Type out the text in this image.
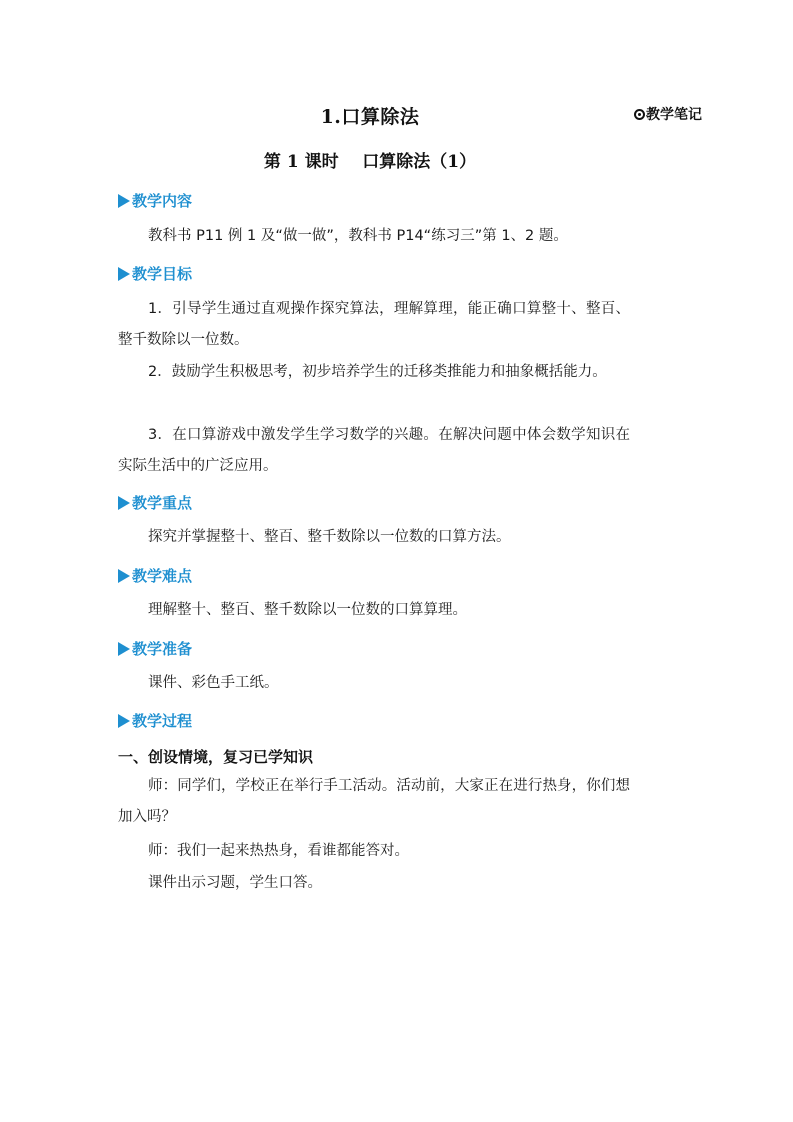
1.口算除法	教学笔记
第 1 课时    口算除法（1）
教学内容
教科书 P11 例 1 及“做一做”，教科书 P14“练习三”第 1、2 题。
教学目标
1．引导学生通过直观操作探究算法，理解算理，能正确口算整十、整百、整千数除以一位数。
2．鼓励学生积极思考，初步培养学生的迁移类推能力和抽象概括能力。
3．在口算游戏中激发学生学习数学的兴趣。在解决问题中体会数学知识在实际生活中的广泛应用。
教学重点
探究并掌握整十、整百、整千数除以一位数的口算方法。
教学难点
理解整十、整百、整千数除以一位数的口算算理。
教学准备
课件、彩色手工纸。
教学过程
一、创设情境，复习已学知识
师：同学们，学校正在举行手工活动。活动前，大家正在进行热身，你们想加入吗？
师：我们一起来热热身，看谁都能答对。
课件出示习题，学生口答。
